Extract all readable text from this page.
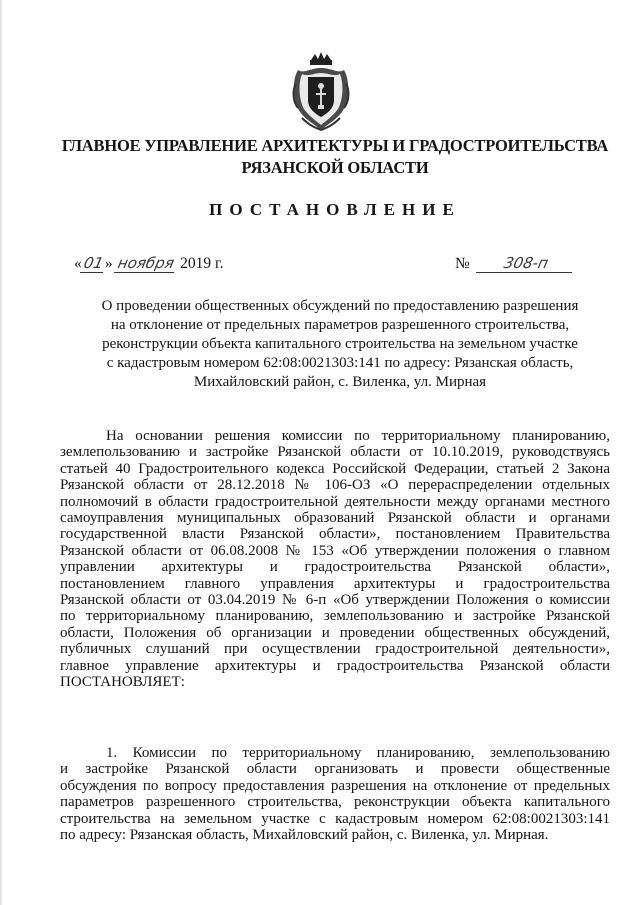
ГЛАВНОЕ УПРАВЛЕНИЕ АРХИТЕКТУРЫ И ГРАДОСТРОИТЕЛЬСТВА
РЯЗАНСКОЙ ОБЛАСТИ
ПОСТАНОВЛЕНИЕ
«01» ноября 2019 г.	№ 308-п
О проведении общественных обсуждений по предоставлению разрешения
на отклонение от предельных параметров разрешенного строительства,
реконструкции объекта капитального строительства на земельном участке
с кадастровым номером 62:08:0021303:141 по адресу: Рязанская область,
Михайловский район, с. Виленка, ул. Мирная
На основании решения комиссии по территориальному планированию,
землепользованию и застройке Рязанской области от 10.10.2019, руководствуясь
статьей 40 Градостроительного кодекса Российской Федерации, статьей 2 Закона
Рязанской области от 28.12.2018 № 106-ОЗ «О перераспределении отдельных
полномочий в области градостроительной деятельности между органами местного
самоуправления муниципальных образований Рязанской области и органами
государственной власти Рязанской области», постановлением Правительства
Рязанской области от 06.08.2008 № 153 «Об утверждении положения о главном
управлении архитектуры и градостроительства Рязанской области»,
постановлением главного управления архитектуры и градостроительства
Рязанской области от 03.04.2019 № 6-п «Об утверждении Положения о комиссии
по территориальному планированию, землепользованию и застройке Рязанской
области, Положения об организации и проведении общественных обсуждений,
публичных слушаний при осуществлении градостроительной деятельности»,
главное управление архитектуры и градостроительства Рязанской области
ПОСТАНОВЛЯЕТ:
1. Комиссии по территориальному планированию, землепользованию
и застройке Рязанской области организовать и провести общественные
обсуждения по вопросу предоставления разрешения на отклонение от предельных
параметров разрешенного строительства, реконструкции объекта капитального
строительства на земельном участке с кадастровым номером 62:08:0021303:141
по адресу: Рязанская область, Михайловский район, с. Виленка, ул. Мирная.
